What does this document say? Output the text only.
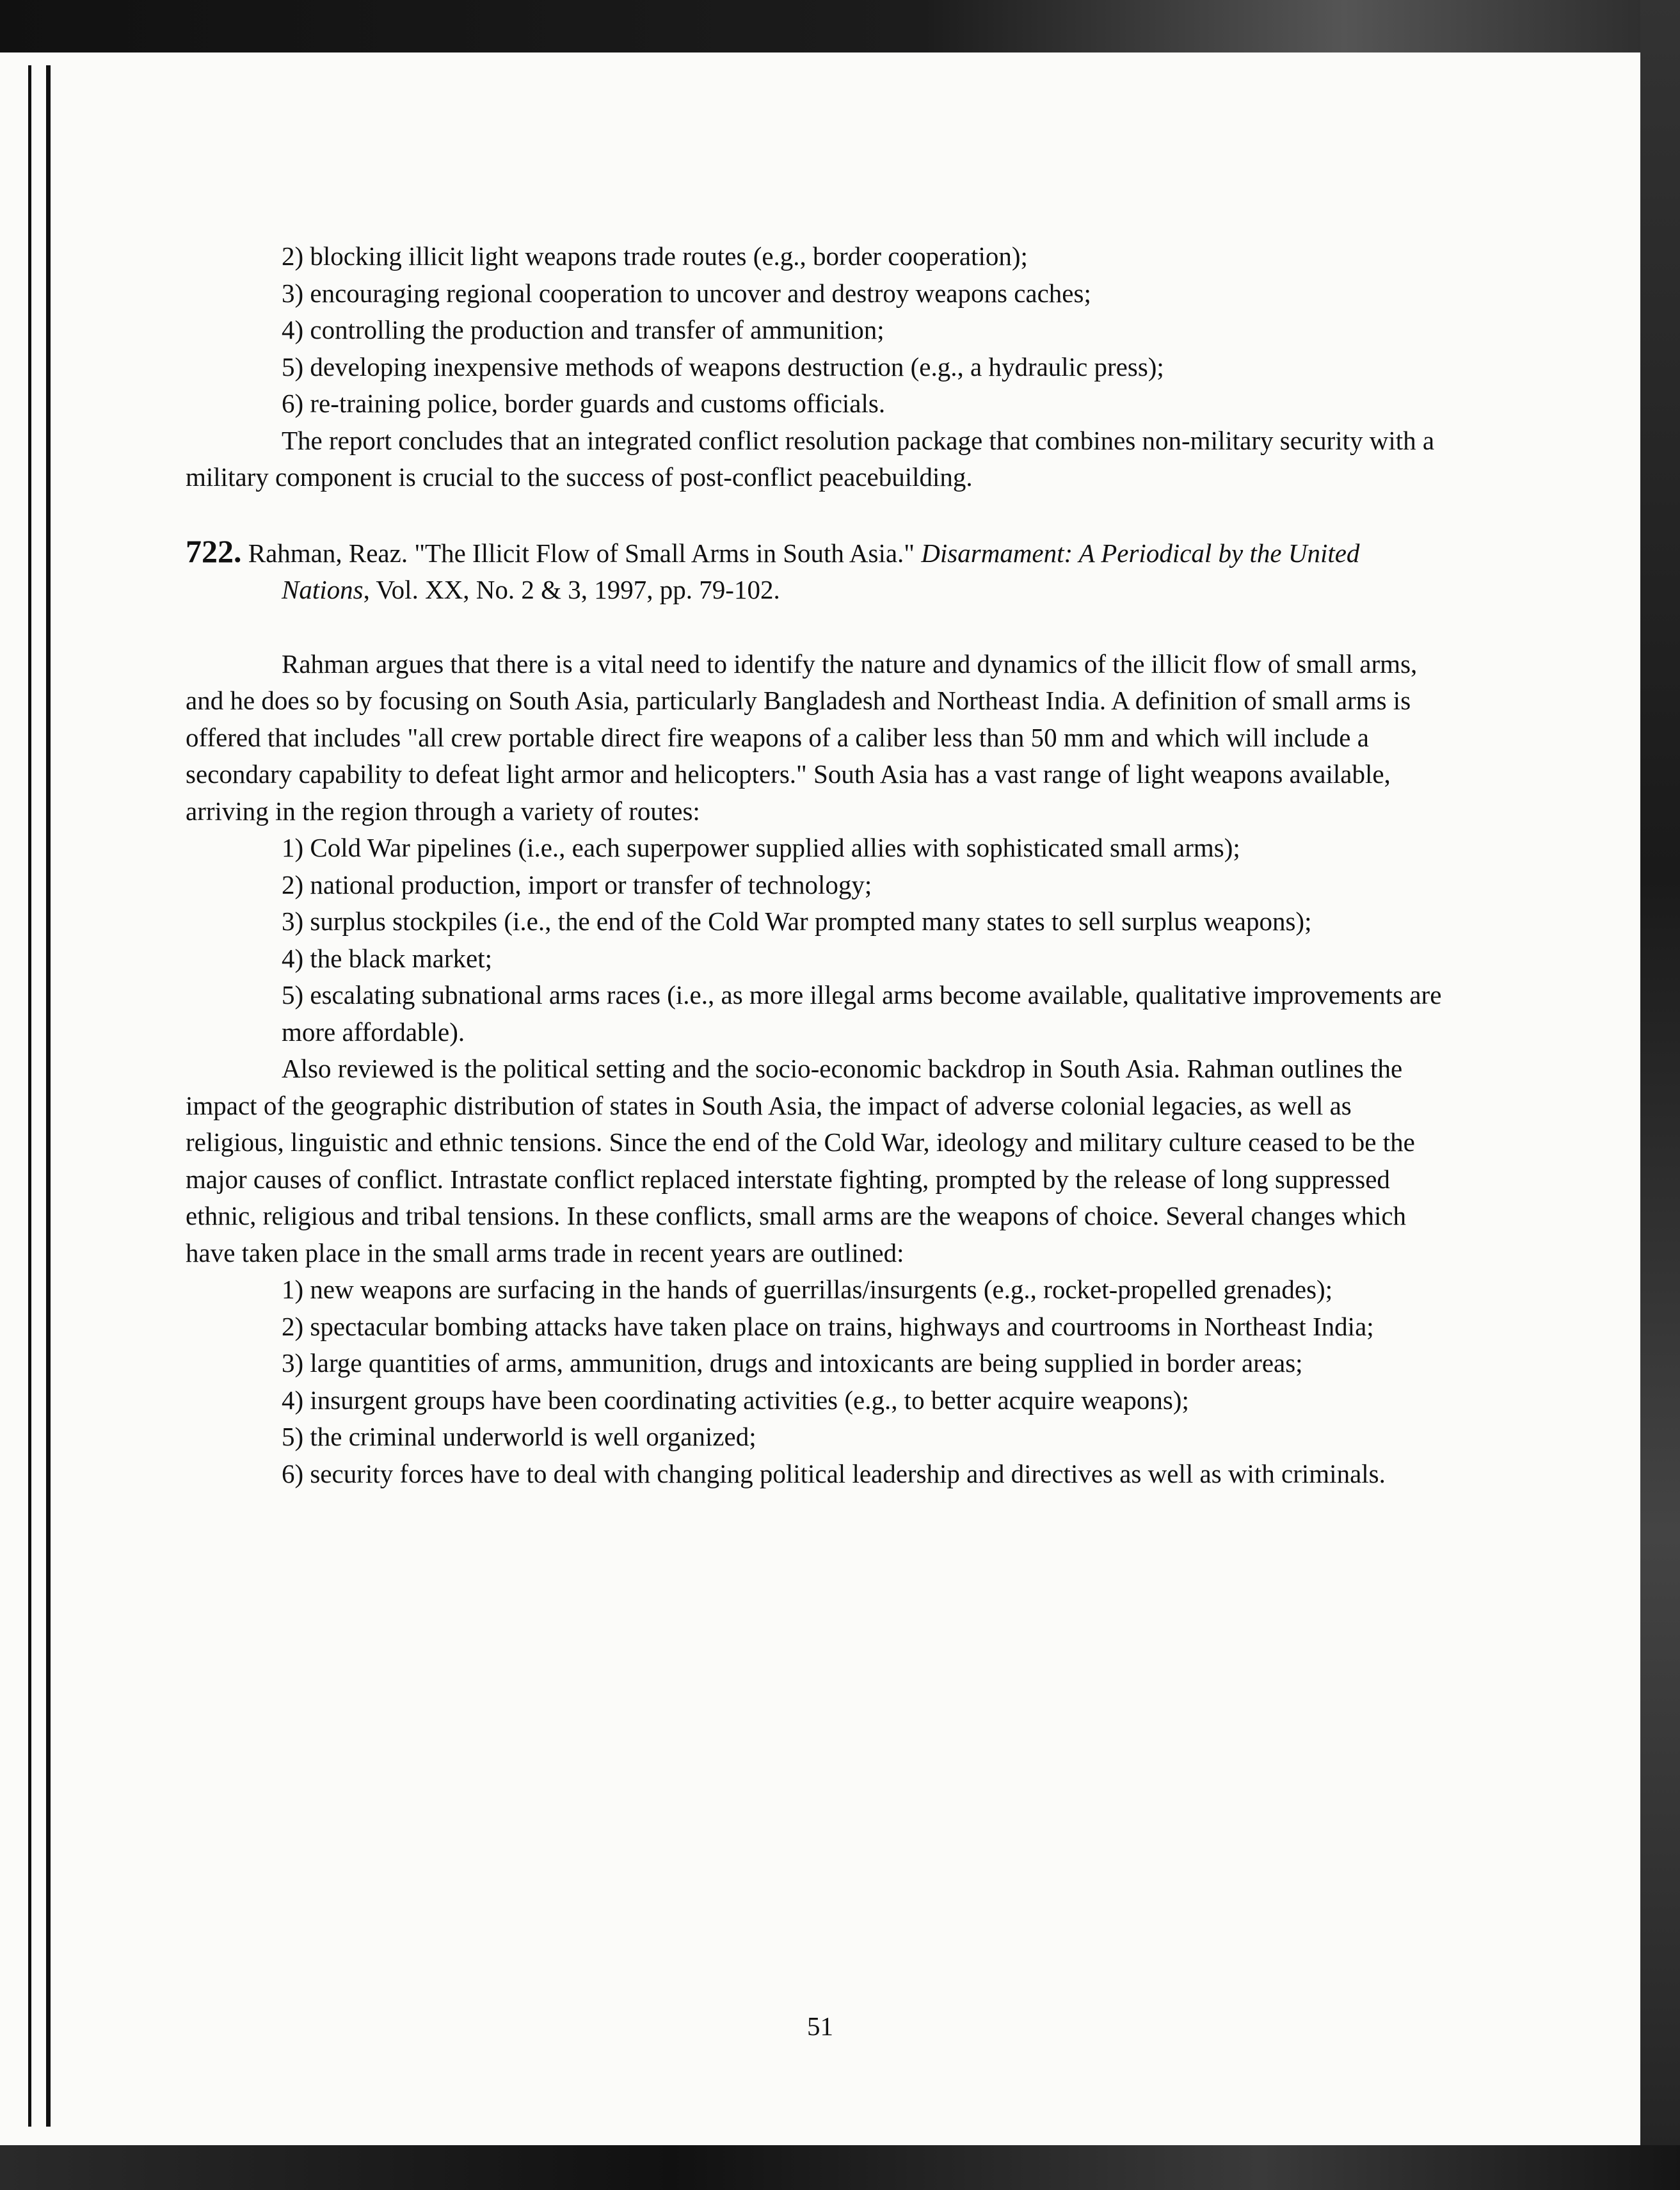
2) blocking illicit light weapons trade routes (e.g., border cooperation);

3) encouraging regional cooperation to uncover and destroy weapons caches;

4) controlling the production and transfer of ammunition;

5) developing inexpensive methods of weapons destruction (e.g., a hydraulic press);

6) re-training police, border guards and customs officials.

The report concludes that an integrated conflict resolution package that combines non-military security with a military component is crucial to the success of post-conflict peacebuilding.

722. Rahman, Reaz. "The Illicit Flow of Small Arms in South Asia." Disarmament: A Periodical by the United Nations, Vol. XX, No. 2 & 3, 1997, pp. 79-102.

Rahman argues that there is a vital need to identify the nature and dynamics of the illicit flow of small arms, and he does so by focusing on South Asia, particularly Bangladesh and Northeast India. A definition of small arms is offered that includes "all crew portable direct fire weapons of a caliber less than 50 mm and which will include a secondary capability to defeat light armor and helicopters." South Asia has a vast range of light weapons available, arriving in the region through a variety of routes:

1) Cold War pipelines (i.e., each superpower supplied allies with sophisticated small arms);

2) national production, import or transfer of technology;

3) surplus stockpiles (i.e., the end of the Cold War prompted many states to sell surplus weapons);

4) the black market;

5) escalating subnational arms races (i.e., as more illegal arms become available, qualitative improvements are more affordable).

Also reviewed is the political setting and the socio-economic backdrop in South Asia. Rahman outlines the impact of the geographic distribution of states in South Asia, the impact of adverse colonial legacies, as well as religious, linguistic and ethnic tensions. Since the end of the Cold War, ideology and military culture ceased to be the major causes of conflict. Intrastate conflict replaced interstate fighting, prompted by the release of long suppressed ethnic, religious and tribal tensions. In these conflicts, small arms are the weapons of choice. Several changes which have taken place in the small arms trade in recent years are outlined:

1) new weapons are surfacing in the hands of guerrillas/insurgents (e.g., rocket-propelled grenades);

2) spectacular bombing attacks have taken place on trains, highways and courtrooms in Northeast India;

3) large quantities of arms, ammunition, drugs and intoxicants are being supplied in border areas;

4) insurgent groups have been coordinating activities (e.g., to better acquire weapons);

5) the criminal underworld is well organized;

6) security forces have to deal with changing political leadership and directives as well as with criminals.

51
